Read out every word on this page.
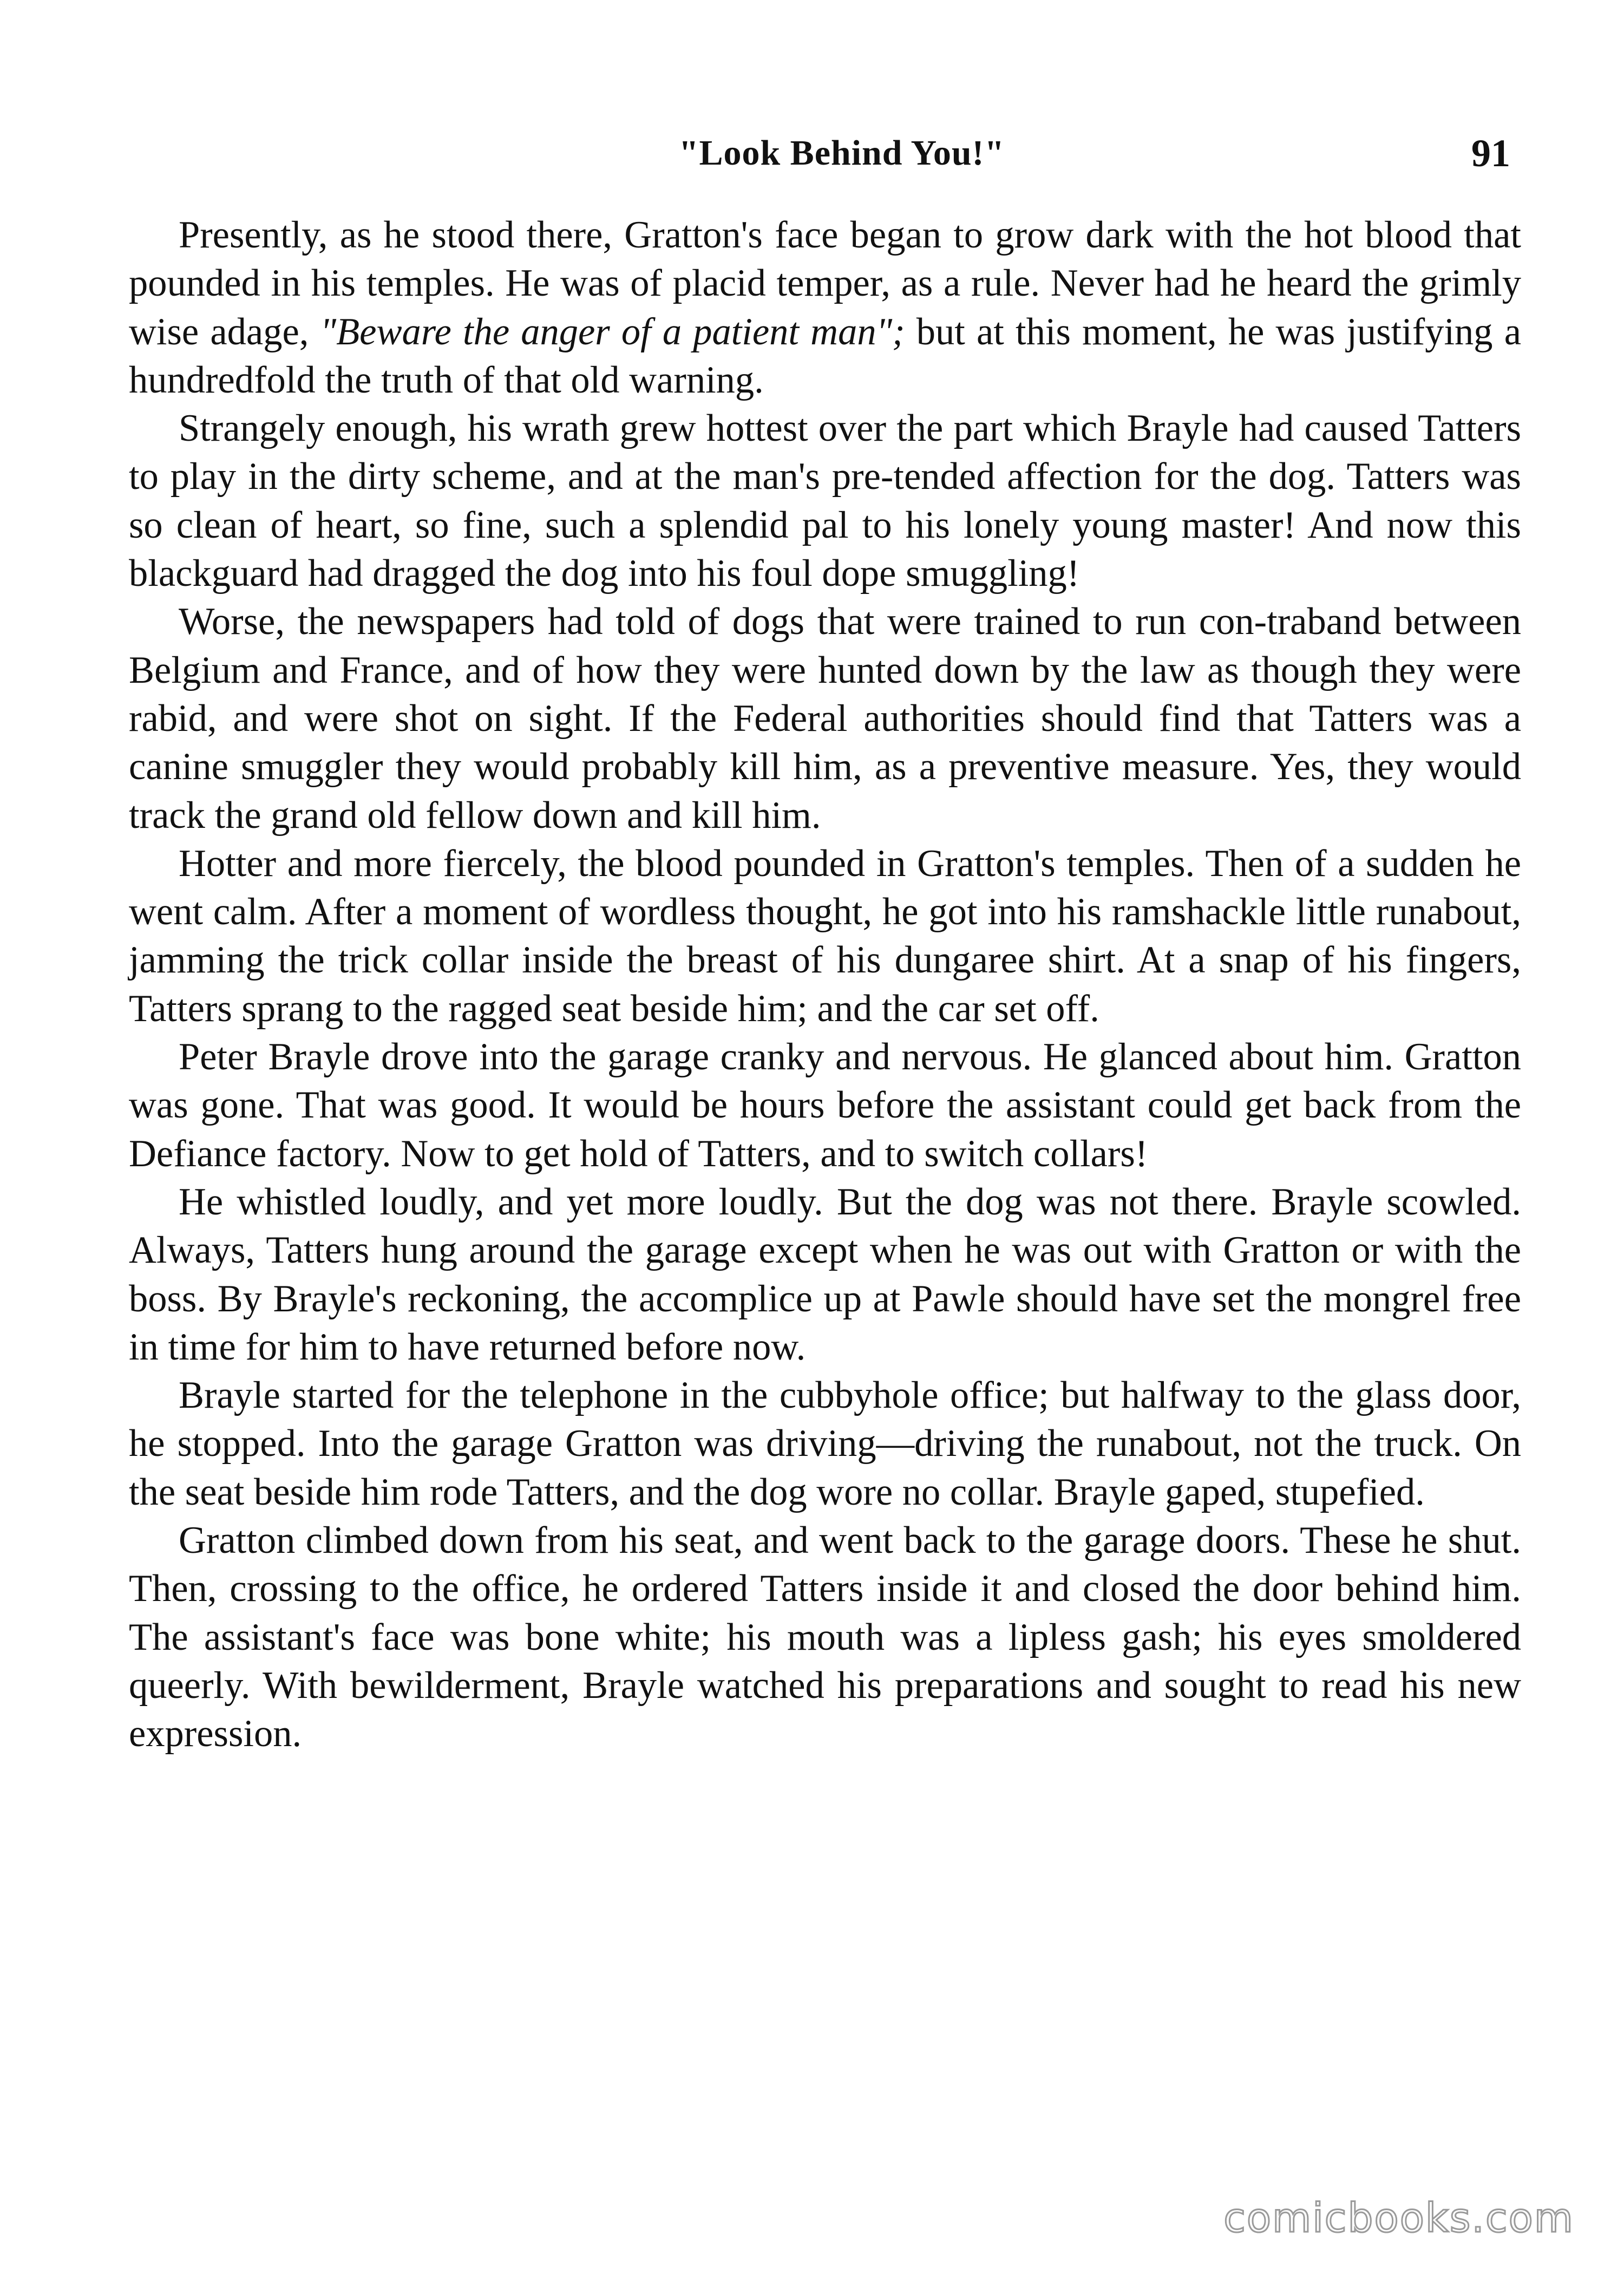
"Look Behind You!"	91

Presently, as he stood there, Gratton's face began to grow dark with the hot blood that pounded in his temples. He was of placid temper, as a rule. Never had he heard the grimly wise adage, "Beware the anger of a patient man"; but at this moment, he was justifying a hundredfold the truth of that old warning.

Strangely enough, his wrath grew hottest over the part which Brayle had caused Tatters to play in the dirty scheme, and at the man's pre-tended affection for the dog. Tatters was so clean of heart, so fine, such a splendid pal to his lonely young master! And now this blackguard had dragged the dog into his foul dope smuggling!

Worse, the newspapers had told of dogs that were trained to run con-traband between Belgium and France, and of how they were hunted down by the law as though they were rabid, and were shot on sight. If the Federal authorities should find that Tatters was a canine smuggler they would probably kill him, as a preventive measure. Yes, they would track the grand old fellow down and kill him.

Hotter and more fiercely, the blood pounded in Gratton's temples. Then of a sudden he went calm. After a moment of wordless thought, he got into his ramshackle little runabout, jamming the trick collar inside the breast of his dungaree shirt. At a snap of his fingers, Tatters sprang to the ragged seat beside him; and the car set off.

Peter Brayle drove into the garage cranky and nervous. He glanced about him. Gratton was gone. That was good. It would be hours before the assistant could get back from the Defiance factory. Now to get hold of Tatters, and to switch collars!

He whistled loudly, and yet more loudly. But the dog was not there. Brayle scowled. Always, Tatters hung around the garage except when he was out with Gratton or with the boss. By Brayle's reckoning, the accomplice up at Pawle should have set the mongrel free in time for him to have returned before now.

Brayle started for the telephone in the cubbyhole office; but halfway to the glass door, he stopped. Into the garage Gratton was driving—driving the runabout, not the truck. On the seat beside him rode Tatters, and the dog wore no collar. Brayle gaped, stupefied.

Gratton climbed down from his seat, and went back to the garage doors. These he shut. Then, crossing to the office, he ordered Tatters inside it and closed the door behind him. The assistant's face was bone white; his mouth was a lipless gash; his eyes smoldered queerly. With bewilderment, Brayle watched his preparations and sought to read his new expression.

comicbooks.com
